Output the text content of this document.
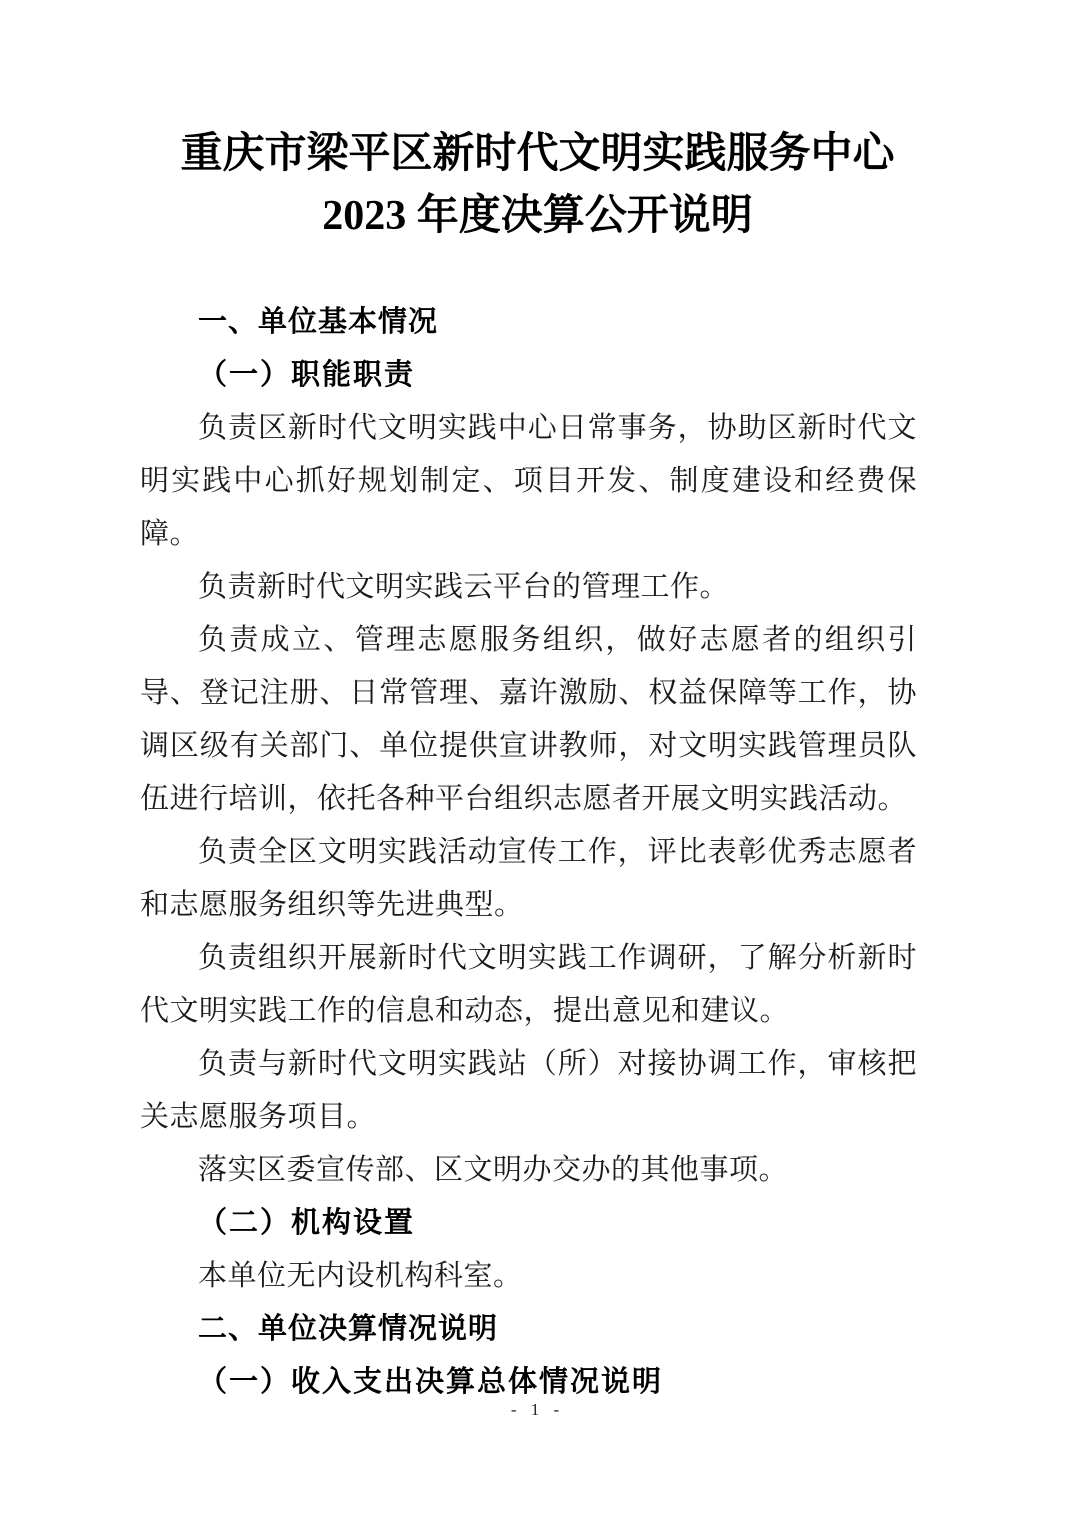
重庆市梁平区新时代文明实践服务中心
2023 年度决算公开说明
一、单位基本情况
（一）职能职责
负责区新时代文明实践中心日常事务，协助区新时代文明实践中心抓好规划制定、项目开发、制度建设和经费保障。
负责新时代文明实践云平台的管理工作。
负责成立、管理志愿服务组织，做好志愿者的组织引导、登记注册、日常管理、嘉许激励、权益保障等工作，协调区级有关部门、单位提供宣讲教师，对文明实践管理员队伍进行培训，依托各种平台组织志愿者开展文明实践活动。
负责全区文明实践活动宣传工作，评比表彰优秀志愿者和志愿服务组织等先进典型。
负责组织开展新时代文明实践工作调研，了解分析新时代文明实践工作的信息和动态，提出意见和建议。
负责与新时代文明实践站（所）对接协调工作，审核把关志愿服务项目。
落实区委宣传部、区文明办交办的其他事项。
（二）机构设置
本单位无内设机构科室。
二、单位决算情况说明
（一）收入支出决算总体情况说明
- 1 -
